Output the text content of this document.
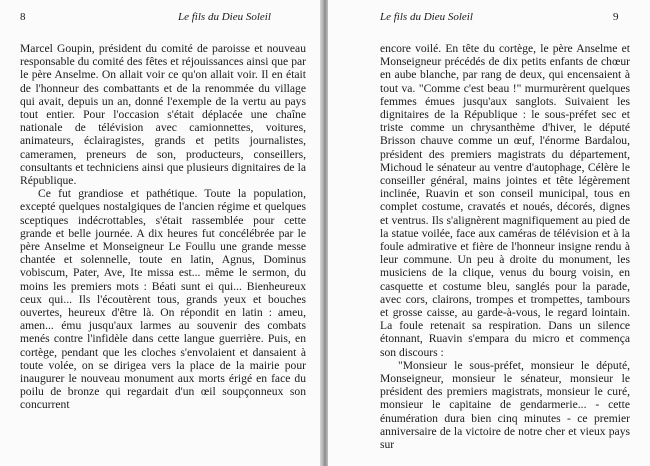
8	Le fils du Dieu Soleil

Marcel Goupin, président du comité de paroisse et nouveau responsable du comité des fêtes et réjouissances ainsi que par le père Anselme. On allait voir ce qu'on allait voir. Il en était de l'honneur des combattants et de la renommée du village qui avait, depuis un an, donné l'exemple de la vertu au pays tout entier. Pour l'occasion s'était déplacée une chaîne nationale de télévision avec camionnettes, voitures, animateurs, éclairagistes, grands et petits journalistes, cameramen, preneurs de son, producteurs, conseillers, consultants et techniciens ainsi que plusieurs dignitaires de la République.

Ce fut grandiose et pathétique. Toute la population, excepté quelques nostalgiques de l'ancien régime et quelques sceptiques indécrottables, s'était rassemblée pour cette grande et belle journée. A dix heures fut concélébrée par le père Anselme et Monseigneur Le Foullu une grande messe chantée et solennelle, toute en latin, Agnus, Dominus vobiscum, Pater, Ave, Ite missa est... même le sermon, du moins les premiers mots : Béati sunt ei qui... Bienheureux ceux qui... Ils l'écoutèrent tous, grands yeux et bouches ouvertes, heureux d'être là. On répondit en latin : ameu, amen... ému jusqu'aux larmes au souvenir des combats menés contre l'infidèle dans cette langue guerrière. Puis, en cortège, pendant que les cloches s'envolaient et dansaient à toute volée, on se dirigea vers la place de la mairie pour inaugurer le nouveau monument aux morts érigé en face du poilu de bronze qui regardait d'un œil soupçonneux son concurrent

Le fils du Dieu Soleil	9

encore voilé. En tête du cortège, le père Anselme et Monseigneur précédés de dix petits enfants de chœur en aube blanche, par rang de deux, qui encensaient à tout va. "Comme c'est beau !" murmurèrent quelques femmes émues jusqu'aux sanglots. Suivaient les dignitaires de la République : le sous-préfet sec et triste comme un chrysanthème d'hiver, le député Brisson chauve comme un œuf, l'énorme Bardalou, président des premiers magistrats du département, Michoud le sénateur au ventre d'autophage, Célère le conseiller général, mains jointes et tête légèrement inclinée, Ruavin et son conseil municipal, tous en complet costume, cravatés et noués, décorés, dignes et ventrus. Ils s'alignèrent magnifiquement au pied de la statue voilée, face aux caméras de télévision et à la foule admirative et fière de l'honneur insigne rendu à leur commune. Un peu à droite du monument, les musiciens de la clique, venus du bourg voisin, en casquette et costume bleu, sanglés pour la parade, avec cors, clairons, trompes et trompettes, tambours et grosse caisse, au garde-à-vous, le regard lointain. La foule retenait sa respiration. Dans un silence étonnant, Ruavin s'empara du micro et commença son discours :

"Monsieur le sous-préfet, monsieur le député, Monseigneur, monsieur le sénateur, monsieur le président des premiers magistrats, monsieur le curé, monsieur le capitaine de gendarmerie... - cette énumération dura bien cinq minutes - ce premier anniversaire de la victoire de notre cher et vieux pays sur
